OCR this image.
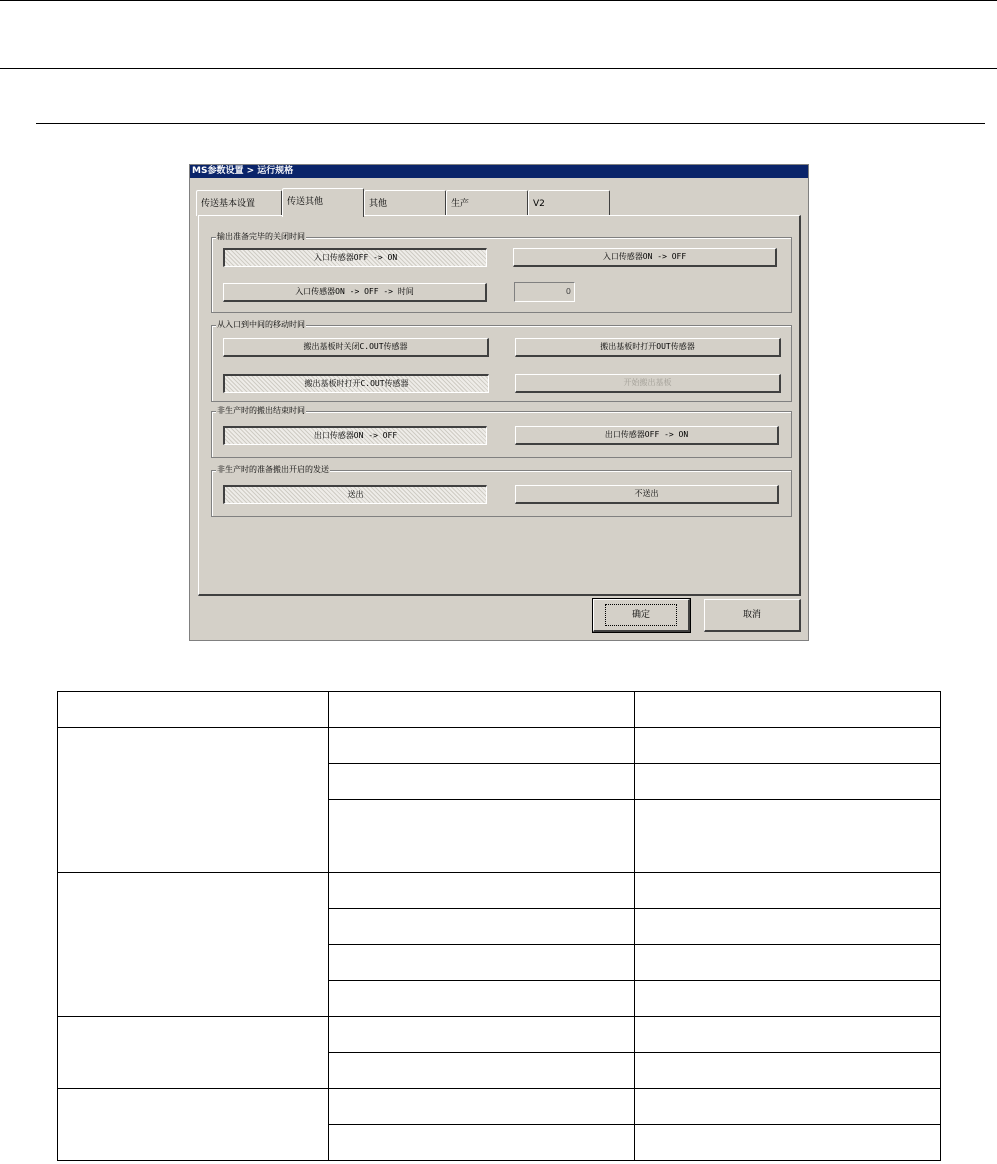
MS参数设置 > 运行规格
传送基本设置	传送其他	其他	生产	V2
输出准备完毕的关闭时间
入口传感器OFF -> ON	入口传感器ON -> OFF
入口传感器ON -> OFF -> 时间	0
从入口到中间的移动时间
搬出基板时关闭C.OUT传感器	搬出基板时打开OUT传感器
搬出基板时打开C.OUT传感器	开始搬出基板
非生产时的搬出结束时间
出口传感器ON -> OFF	出口传感器OFF -> ON
非生产时的准备搬出开启的发送
送出	不送出
确定	取消
